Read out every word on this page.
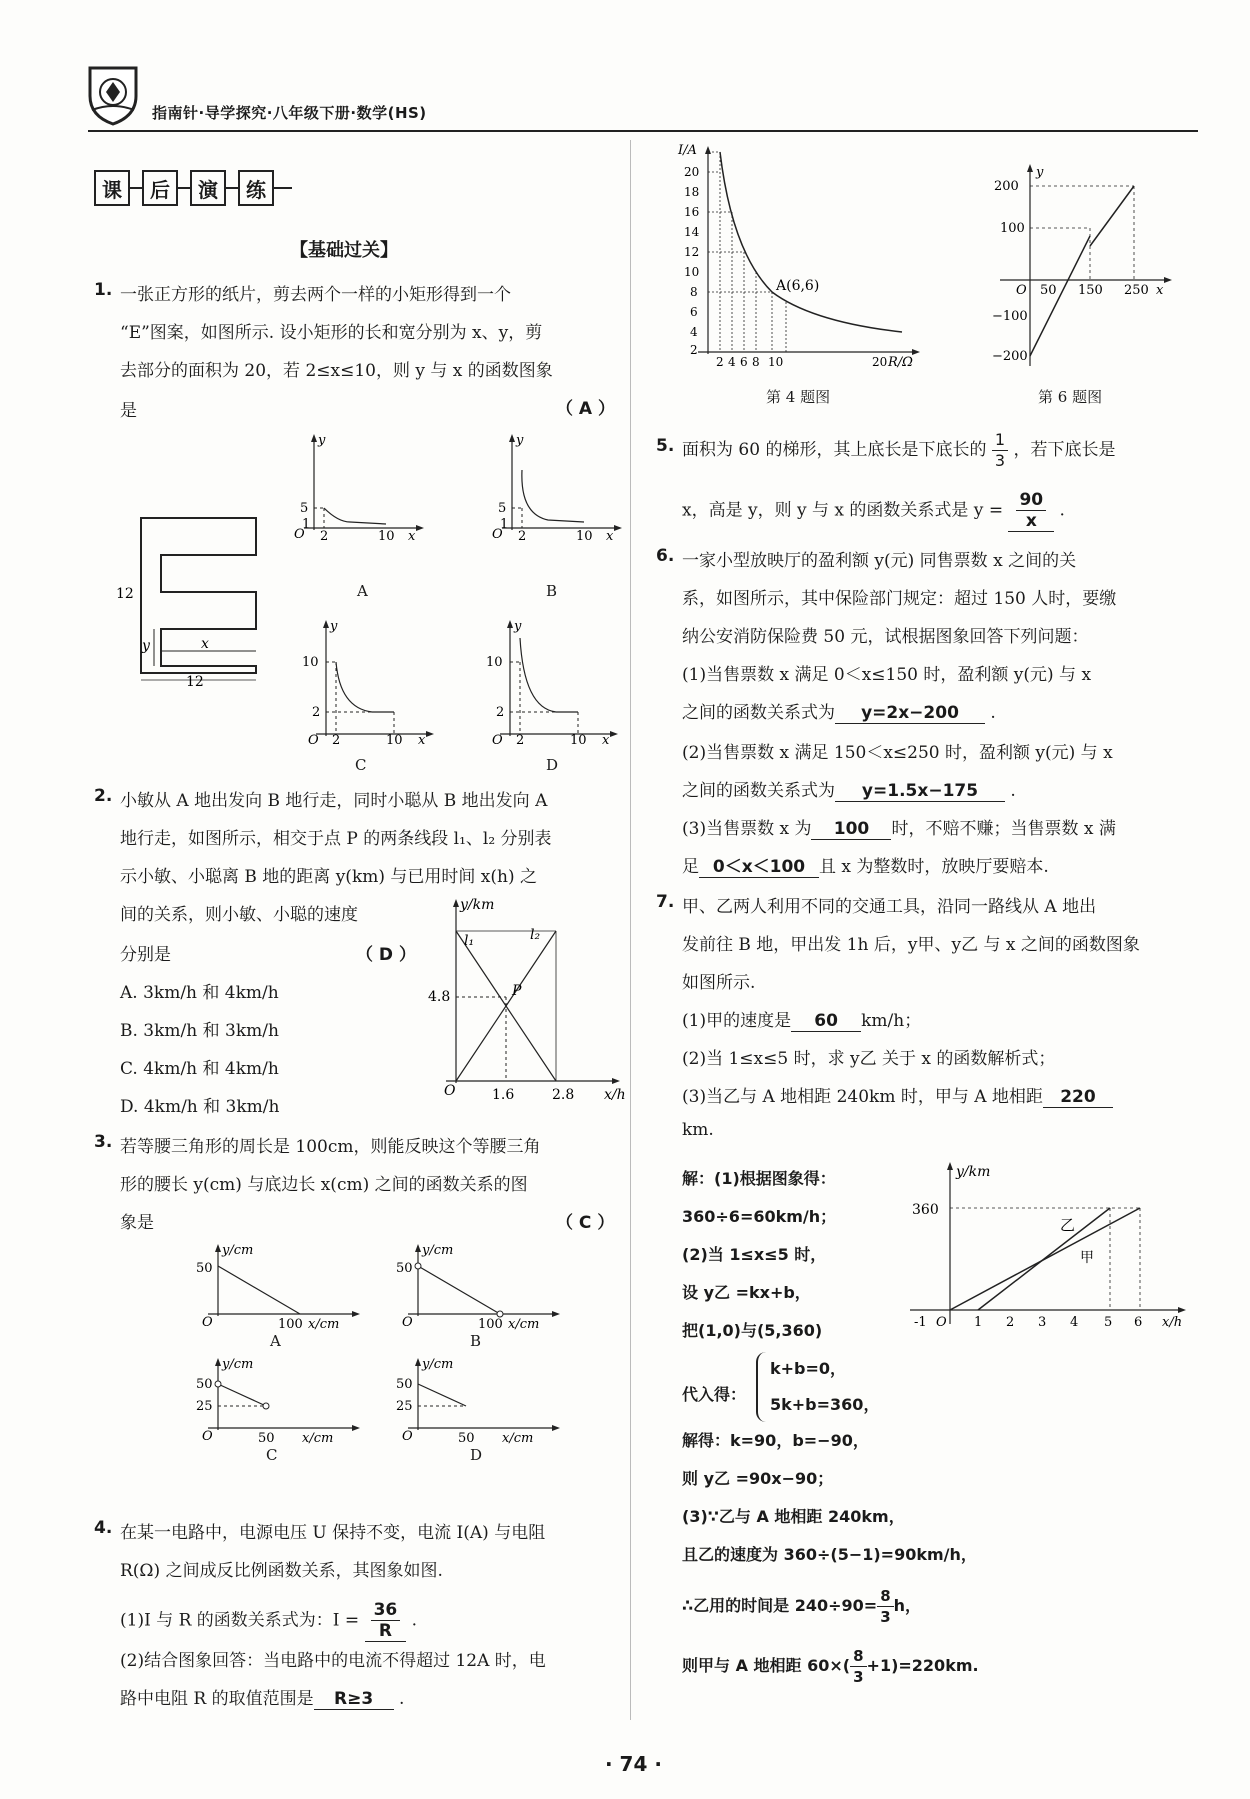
指南针·导学探究·八年级下册·数学(HS)
课	后	演	练
【基础过关】
1. 一张正方形的纸片，剪去两个一样的小矩形得到一个
“E”图案，如图所示. 设小矩形的长和宽分别为 x、y，剪
去部分的面积为 20，若 2≤x≤10，则 y 与 x 的函数图象
是	（ A ）
12
12
y	x
5
1
O 2	10
y
x
A
5
1
O 2	10
y
x
B
10
2
O 2	10
y
x
C
10
2
O 2	10
y
x
D
2. 小敏从 A 地出发向 B 地行走，同时小聪从 B 地出发向 A
地行走，如图所示，相交于点 P 的两条线段 l₁、l₂ 分别表
示小敏、小聪离 B 地的距离 y(km) 与已用时间 x(h) 之
间的关系，则小敏、小聪的速度
分别是	（ D ）
A. 3km/h 和 4km/h
B. 3km/h 和 3km/h
C. 4km/h 和 4km/h
D. 4km/h 和 3km/h
y/km
4.8
1.6	2.8 x/h
P
l₁	l₂
O
3. 若等腰三角形的周长是 100cm，则能反映这个等腰三角
形的腰长 y(cm) 与底边长 x(cm) 之间的函数关系的图
象是	（ C ）
y/cm
50
O	100 x/cm
A
y/cm
50
O	100 x/cm
B
y/cm
50
25
O	50 x/cm
C
y/cm
50
25
O	50 x/cm
D
4. 在某一电路中，电源电压 U 保持不变，电流 I(A) 与电阻
R(Ω) 之间成反比例函数关系，其图象如图.
(1)I 与 R 的函数关系式为：$I = \frac{36}{R}$ .
(2)结合图象回答：当电路中的电流不得超过 12A 时，电
路中电阻 R 的取值范围是 R≥3 .
I/A
20
18
16
14
12
10
8
6
4
2
2 4 6 8 10	20 R/Ω
A(6,6)
第 4 题图
y
200
100
−100
−200
O 50 150 250 x
第 6 题图
5. 面积为 60 的梯形，其上底长是下底长的 $\frac{1}{3}$ ，若下底长是
x，高是 y，则 y 与 x 的函数关系式是 $y = \frac{90}{x}$ .
6. 一家小型放映厅的盈利额 y(元) 同售票数 x 之间的关
系，如图所示，其中保险部门规定：超过 150 人时，要缴
纳公安消防保险费 50 元，试根据图象回答下列问题：
(1)当售票数 x 满足 0＜x≤150 时，盈利额 y(元) 与 x
之间的函数关系式为 y=2x−200 .
(2)当售票数 x 满足 150＜x≤250 时，盈利额 y(元) 与 x
之间的函数关系式为 y=1.5x−175 .
(3)当售票数 x 为 100 时，不赔不赚；当售票数 x 满
足 0＜x＜100 且 x 为整数时，放映厅要赔本.
7. 甲、乙两人利用不同的交通工具，沿同一路线从 A 地出
发前往 B 地，甲出发 1h 后，y甲、y乙 与 x 之间的函数图象
如图所示.
(1)甲的速度是 60 km/h；
(2)当 1≤x≤5 时，求 y乙 关于 x 的函数解析式；
(3)当乙与 A 地相距 240km 时，甲与 A 地相距 220
km.
解：(1)根据图象得：
360÷6=60km/h；
(2)当 1≤x≤5 时，
设 y乙 =kx+b，
把(1,0)与(5,360)
代入得：
k+b=0，
5k+b=360，
解得：k=90，b=−90，
则 y乙 =90x−90；
(3)∵乙与 A 地相距 240km，
且乙的速度为 360÷(5−1)=90km/h，
∴乙用的时间是 $240\div 90= \frac{8}{3}$ h，
则甲与 A 地相距 $60\times( \frac{8}{3} +1)=220km$.
y/km
360
乙
甲
-1 O 1 2 3 4 5 6 x/h
· 74 ·
